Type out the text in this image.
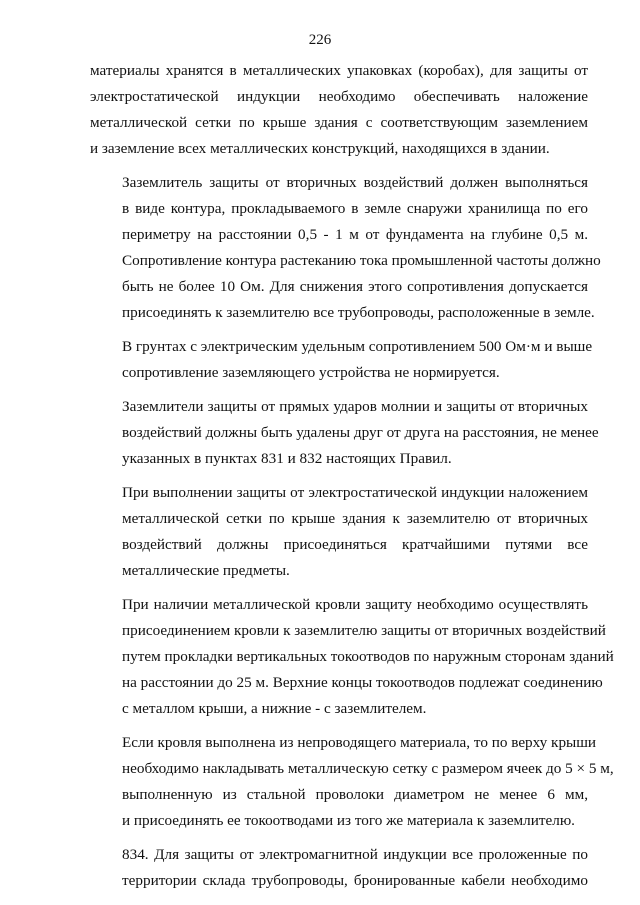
226
материалы хранятся в металлических упаковках (коробах), для защиты от
электростатической индукции необходимо обеспечивать наложение
металлической сетки по крыше здания с соответствующим заземлением
и заземление всех металлических конструкций, находящихся в здании.
Заземлитель защиты от вторичных воздействий должен выполняться
в виде контура, прокладываемого в земле снаружи хранилища по его
периметру на расстоянии 0,5 - 1 м от фундамента на глубине 0,5 м.
Сопротивление контура растеканию тока промышленной частоты должно
быть не более 10 Ом. Для снижения этого сопротивления допускается
присоединять к заземлителю все трубопроводы, расположенные в земле.
В грунтах с электрическим удельным сопротивлением 500 Ом·м и выше
сопротивление заземляющего устройства не нормируется.
Заземлители защиты от прямых ударов молнии и защиты от вторичных
воздействий должны быть удалены друг от друга на расстояния, не менее
указанных в пунктах 831 и 832 настоящих Правил.
При выполнении защиты от электростатической индукции наложением
металлической сетки по крыше здания к заземлителю от вторичных
воздействий должны присоединяться кратчайшими путями все
металлические предметы.
При наличии металлической кровли защиту необходимо осуществлять
присоединением кровли к заземлителю защиты от вторичных воздействий
путем прокладки вертикальных токоотводов по наружным сторонам зданий
на расстоянии до 25 м. Верхние концы токоотводов подлежат соединению
с металлом крыши, а нижние - с заземлителем.
Если кровля выполнена из непроводящего материала, то по верху крыши
необходимо накладывать металлическую сетку с размером ячеек до 5 × 5 м,
выполненную из стальной проволоки диаметром не менее 6 мм,
и присоединять ее токоотводами из того же материала к заземлителю.
834. Для защиты от электромагнитной индукции все проложенные по
территории склада трубопроводы, бронированные кабели необходимо
